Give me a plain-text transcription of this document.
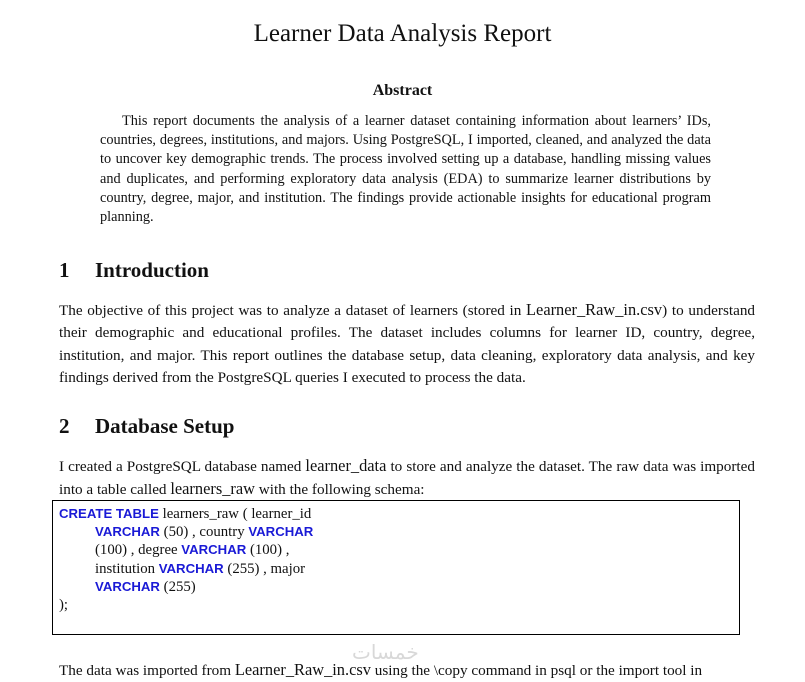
Learner Data Analysis Report
Abstract

This report documents the analysis of a learner dataset containing information about learners’ IDs, countries, degrees, institutions, and majors. Using PostgreSQL, I imported, cleaned, and analyzed the data to uncover key demographic trends. The process involved setting up a database, handling missing values and duplicates, and performing exploratory data analysis (EDA) to summarize learner distributions by country, degree, major, and institution. The findings provide actionable insights for educational program planning.

1 Introduction

The objective of this project was to analyze a dataset of learners (stored in Learner_Raw_in.csv) to understand their demographic and educational profiles. The dataset includes columns for learner ID, country, degree, institution, and major. This report outlines the database setup, data cleaning, exploratory data analysis, and key findings derived from the PostgreSQL queries I executed to process the data.

2 Database Setup

I created a PostgreSQL database named learner_data to store and analyze the dataset. The raw data was imported into a table called learners_raw with the following schema:

CREATE TABLE learners_raw ( learner_id
VARCHAR (50) , country VARCHAR
(100) , degree VARCHAR (100) ,
institution VARCHAR (255) , major
VARCHAR (255)
);
خمسات

The data was imported from Learner_Raw_in.csv using the \copy command in psql or the import tool in
